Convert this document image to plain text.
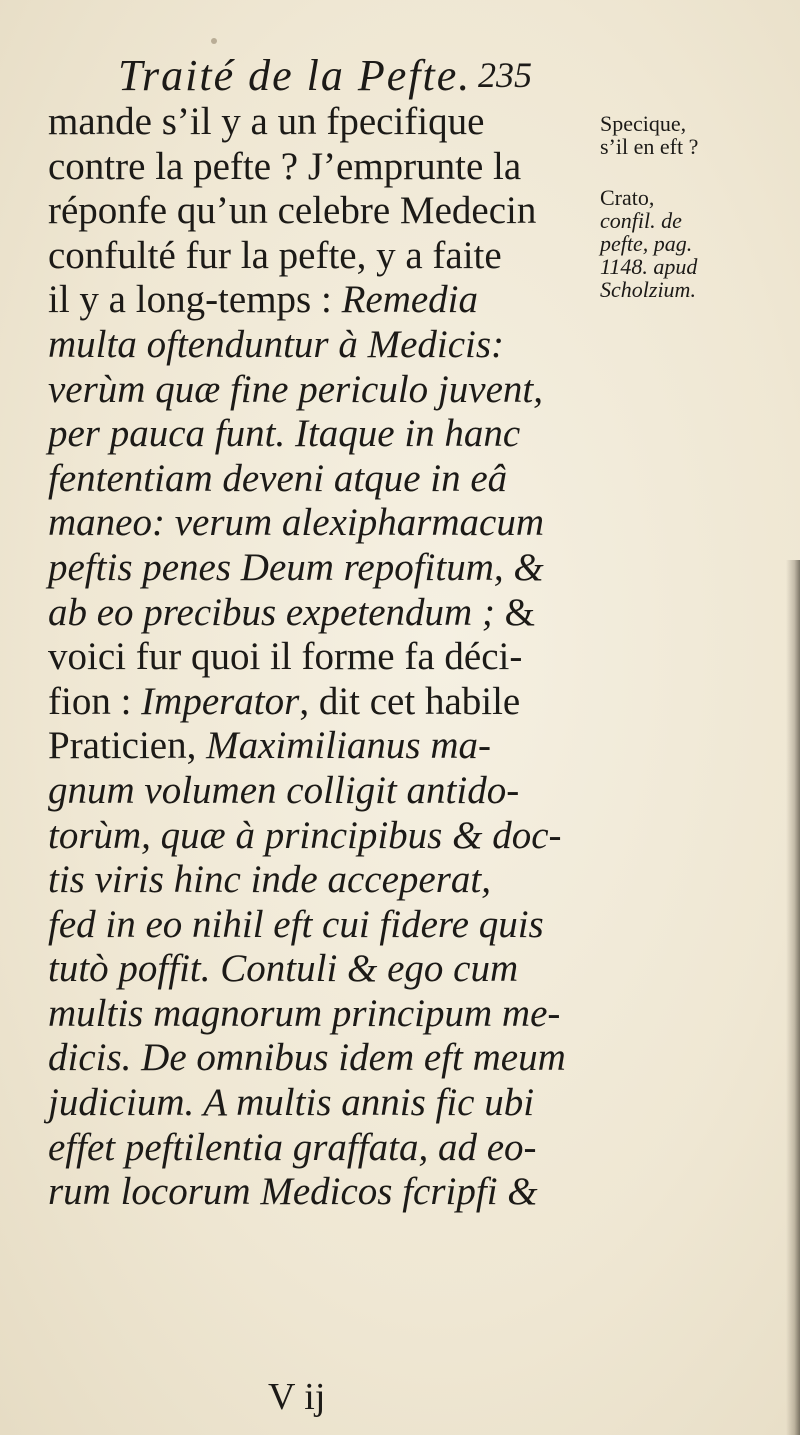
Traité de la Pefte. 235
mande s’il y a un fpecifique
contre la pefte ? J’emprunte la
réponfe qu’un celebre Medecin
confulté fur la pefte, y a faite
il y a long-temps : Remedia
multa oftenduntur à Medicis:
verùm quæ fine periculo juvent,
per pauca funt. Itaque in hanc
fententiam deveni atque in eâ
maneo: verum alexipharmacum
peftis penes Deum repofitum, &
ab eo precibus expetendum ; &
voici fur quoi il forme fa déci-
fion : Imperator, dit cet habile
Praticien, Maximilianus ma-
gnum volumen colligit antido-
torùm, quæ à principibus & doc-
tis viris hinc inde acceperat,
fed in eo nihil eft cui fidere quis
tutò poffit. Contuli & ego cum
multis magnorum principum me-
dicis. De omnibus idem eft meum
judicium. A multis annis fic ubi
effet peftilentia graffata, ad eo-
rum locorum Medicos fcripfi &
V ij
Specique,
s’il en eft ?
Crato,
confil. de
pefte, pag.
1148. apud
Scholzium.
